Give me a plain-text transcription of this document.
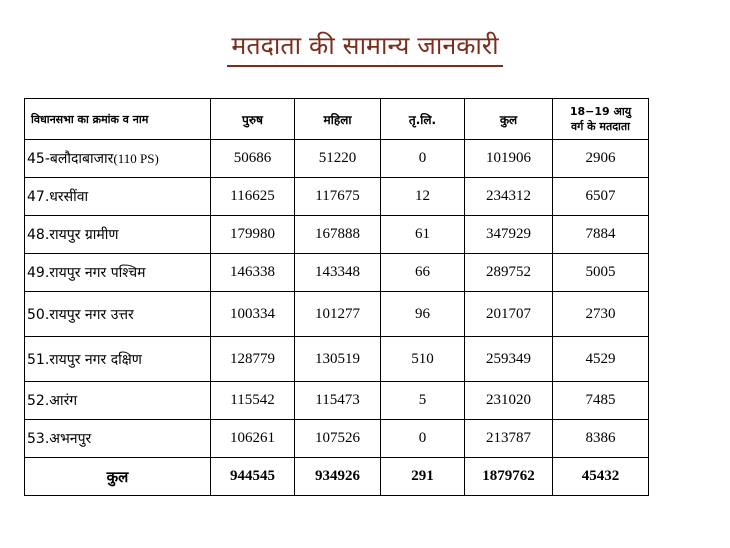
मतदाता की सामान्य जानकारी
विधानसभा का क्रमांक व नाम	पुरुष	महिला	तृ.लि.	कुल	18−19 आयु
वर्ग के मतदाता
45-बलौदाबाजार(110 PS)	50686	51220	0	101906	2906
47.धरसींवा	116625	117675	12	234312	6507
48.रायपुर ग्रामीण	179980	167888	61	347929	7884
49.रायपुर नगर पश्चिम	146338	143348	66	289752	5005
50.रायपुर नगर उत्तर	100334	101277	96	201707	2730
51.रायपुर नगर दक्षिण	128779	130519	510	259349	4529
52.आरंग	115542	115473	5	231020	7485
53.अभनपुर	106261	107526	0	213787	8386
कुल	944545	934926	291	1879762	45432
